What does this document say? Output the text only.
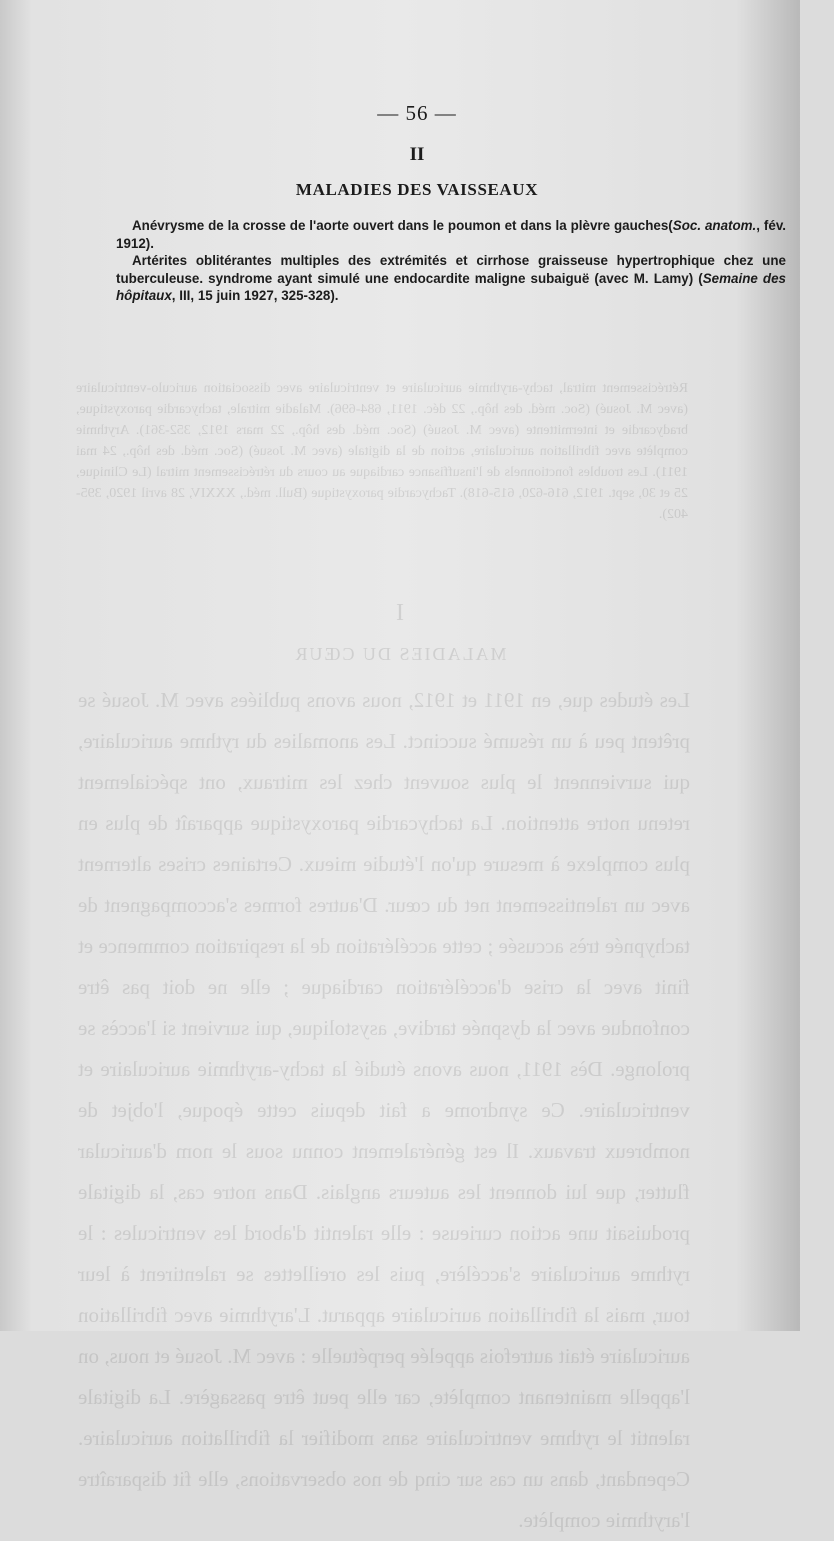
Rétrécissement mitral, tachy-arythmie auriculaire et ventriculaire avec dissociation auriculo-ventriculaire (avec M. Josué) (Soc. méd. des hôp., 22 déc. 1911, 684-696). Maladie mitrale, tachycardie paroxystique, bradycardie et intermittente (avec M. Josué) (Soc. méd. des hôp., 22 mars 1912, 352-361). Arythmie complète avec fibrillation auriculaire, action de la digitale (avec M. Josué) (Soc. méd. des hôp., 24 mai 1911). Les troubles fonctionnels de l'insuffisance cardiaque au cours du rétrécissement mitral (Le Clinique, 25 et 30, sept. 1912, 616-620, 615-618). Tachycardie paroxystique (Bull. méd., XXXIV, 28 avril 1920, 395-402).
I
MALADIES DU CŒUR
Les études que, en 1911 et 1912, nous avons publiées avec M. Josué se prêtent peu à un résumé succinct. Les anomalies du rythme auriculaire, qui surviennent le plus souvent chez les mitraux, ont spécialement retenu notre attention. La tachycardie paroxystique apparaît de plus en plus complexe à mesure qu'on l'étudie mieux. Certaines crises alternent avec un ralentissement net du cœur. D'autres formes s'accompagnent de tachypnée très accusée ; cette accélération de la respiration commence et finit avec la crise d'accélération cardiaque ; elle ne doit pas être confondue avec la dyspnée tardive, asystolique, qui survient si l'accès se prolonge. Dès 1911, nous avons étudié la tachy-arythmie auriculaire et ventriculaire. Ce syndrome a fait depuis cette époque, l'objet de nombreux travaux. Il est généralement connu sous le nom d'auricular flutter, que lui donnent les auteurs anglais. Dans notre cas, la digitale produisait une action curieuse : elle ralentit d'abord les ventricules : le rythme auriculaire s'accélère, puis les oreillettes se ralentirent à leur tour, mais la fibrillation auriculaire apparut. L'arythmie avec fibrillation auriculaire était autrefois appelée perpétuelle : avec M. Josué et nous, on l'appelle maintenant complète, car elle peut être passagère. La digitale ralentit le rythme ventriculaire sans modifier la fibrillation auriculaire. Cependant, dans un cas sur cinq de nos observations, elle fit disparaître l'arythmie complète.
— 56 —
II
MALADIES DES VAISSEAUX

Anévrysme de la crosse de l'aorte ouvert dans le poumon et dans la plèvre gauches(Soc. anatom., fév. 1912).

Artérites oblitérantes multiples des extrémités et cirrhose graisseuse hypertrophique chez une tuberculeuse. syndrome ayant simulé une endocardite maligne subaiguë (avec M. Lamy) (Semaine des hôpitaux, III, 15 juin 1927, 325-328).
